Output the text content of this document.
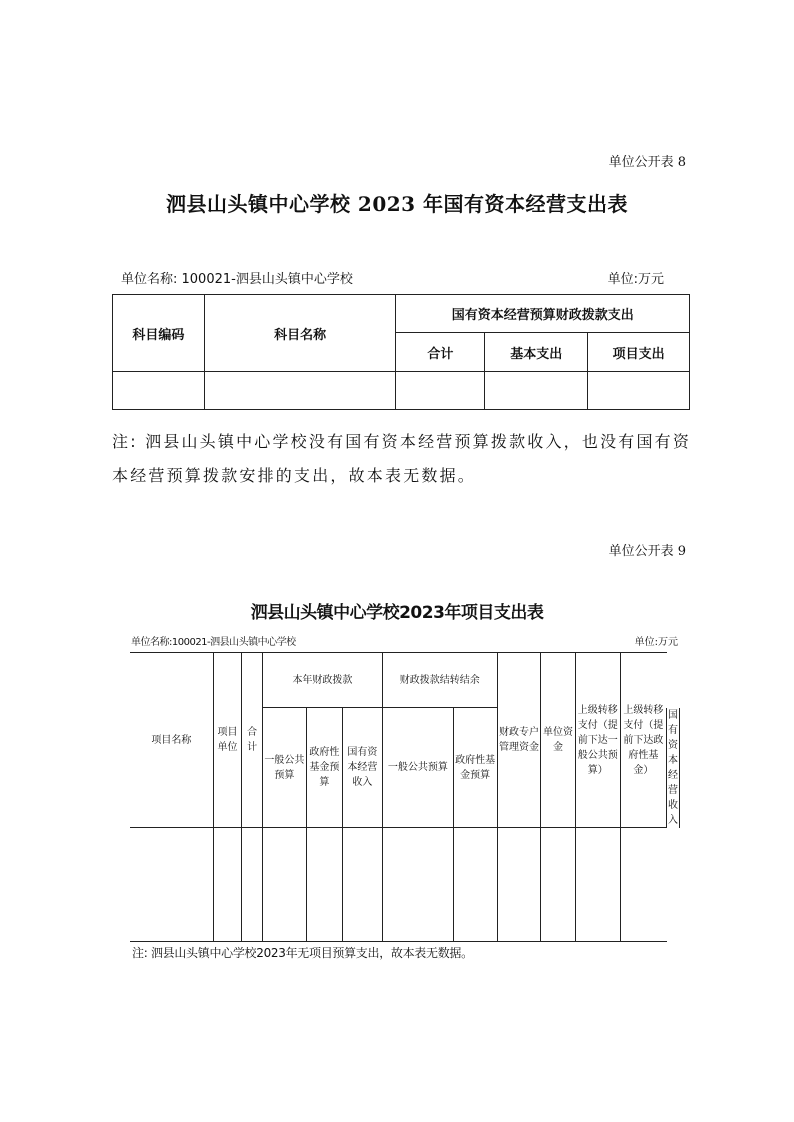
单位公开表 8
泗县山头镇中心学校 2023 年国有资本经营支出表
单位名称: 100021-泗县山头镇中心学校	单位:万元
科目编码	科目名称	国有资本经营预算财政拨款支出		
		合计	基本支出	项目支出

注: 泗县山头镇中心学校没有国有资本经营预算拨款收入，也没有国有资本经营预算拨款安排的支出，故本表无数据。
单位公开表 9
泗县山头镇中心学校2023年项目支出表
单位名称:100021-泗县山头镇中心学校	单位:万元
项目名称	项目单位	合计	本年财政拨款			财政拨款结转结余		财政专户管理资金	单位资金	上级转移支付（提前下达一般公共预算）	上级转移支付（提前下达政府性基金）	
			一般公共预算	政府性基金预算	国有资本经营收入	一般公共预算	政府性基金预算					国有资本经营收入

注: 泗县山头镇中心学校2023年无项目预算支出，故本表无数据。
